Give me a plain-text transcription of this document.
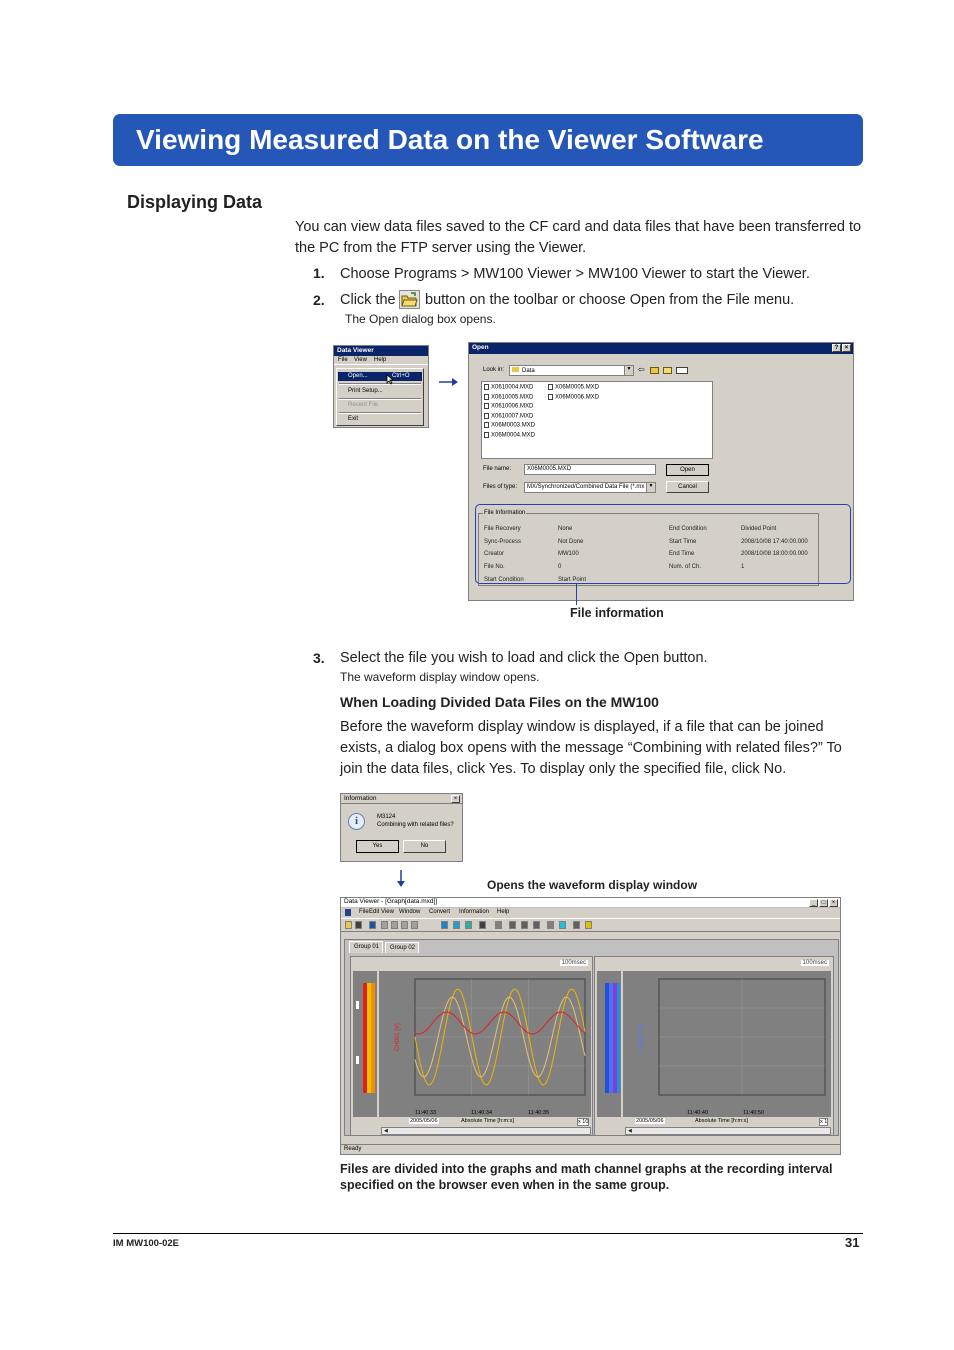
Viewing Measured Data on the Viewer Software
Displaying Data
You can view data files saved to the CF card and data files that have been transferred to the PC from the FTP server using the Viewer.
1. Choose Programs > MW100 Viewer > MW100 Viewer to start the Viewer.
2. Click the button on the toolbar or choose Open from the File menu.
The Open dialog box opens.
Data Viewer
File View Help
Open...	Ctrl+O
Print Setup...
Recent File
Exit
Open	?	×
Look in:	Data	▼ ⇦
X0610004.MXD
X0610005.MXD
X0610006.MXD
X0610007.MXD
X06M0003.MXD
X06M0004.MXD
X06M0005.MXD
X06M0006.MXD
File name:	X06M0005.MXD
Files of type:	MX/Synchronized/Combined Data File (*.mx ▼
Open
Cancel
File Information
File Recovery	None	End Condition	Divided Point
Sync-Process	Not Done	Start Time	2008/10/08 17:40:00.000
Creator	MW100	End Time	2008/10/08 18:00:00.000
File No.	0	Num. of Ch.	1
Start Condition	Start Point
File information
3. Select the file you wish to load and click the Open button.
The waveform display window opens.
When Loading Divided Data Files on the MW100
Before the waveform display window is displayed, if a file that can be joined exists, a dialog box opens with the message “Combining with related files?” To join the data files, click Yes. To display only the specified file, click No.
Information	×
i	M3124
Combining with related files?
Yes	No
Opens the waveform display window
Data Viewer - [Graph[data.mxd]]	_	□	×
File Edit View Window Convert Information Help
Group 01 Group 02
100msec
CH001 [V]
11:40:33	11:40:34	11:40:35
2005/05/06	Absolute Time [h:m:s]	x 10
◀
100msec
CH001 [V]
11:40:40	11:40:50
2005/05/06	Absolute Time [h:m:s]	x 1
◀
Ready
Files are divided into the graphs and math channel graphs at the recording interval specified on the browser even when in the same group.
IM MW100-02E	31
